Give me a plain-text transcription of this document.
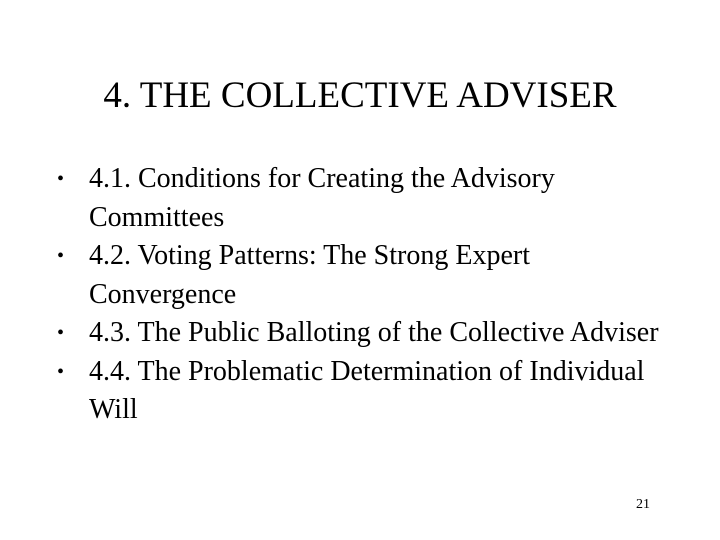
4. THE COLLECTIVE ADVISER
• 4.1. Conditions for Creating the Advisory Committees
• 4.2. Voting Patterns: The Strong Expert Convergence
• 4.3. The Public Balloting of the Collective Adviser
• 4.4. The Problematic Determination of Individual Will
21
